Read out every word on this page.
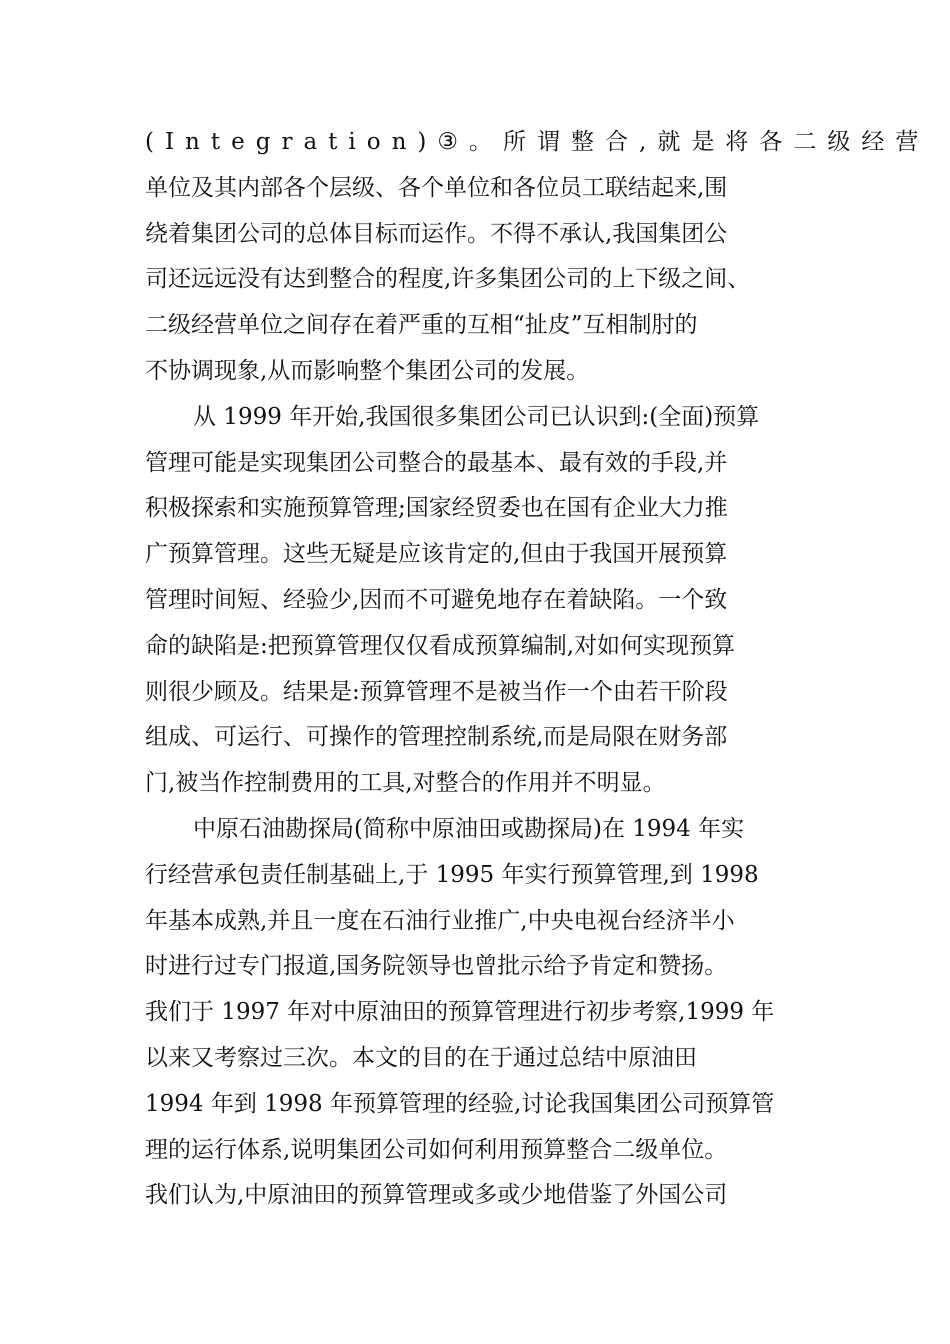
(Integration)③。所谓整合,就是将各二级经营
单位及其内部各个层级、各个单位和各位员工联结起来,围
绕着集团公司的总体目标而运作。不得不承认,我国集团公
司还远远没有达到整合的程度,许多集团公司的上下级之间、
二级经营单位之间存在着严重的互相“扯皮”互相制肘的
不协调现象,从而影响整个集团公司的发展。
从 1999 年开始,我国很多集团公司已认识到:(全面)预算
管理可能是实现集团公司整合的最基本、最有效的手段,并
积极探索和实施预算管理;国家经贸委也在国有企业大力推
广预算管理。这些无疑是应该肯定的,但由于我国开展预算
管理时间短、经验少,因而不可避免地存在着缺陷。一个致
命的缺陷是:把预算管理仅仅看成预算编制,对如何实现预算
则很少顾及。结果是:预算管理不是被当作一个由若干阶段
组成、可运行、可操作的管理控制系统,而是局限在财务部
门,被当作控制费用的工具,对整合的作用并不明显。
中原石油勘探局(简称中原油田或勘探局)在 1994 年实
行经营承包责任制基础上,于 1995 年实行预算管理,到 1998
年基本成熟,并且一度在石油行业推广,中央电视台经济半小
时进行过专门报道,国务院领导也曾批示给予肯定和赞扬。
我们于 1997 年对中原油田的预算管理进行初步考察,1999 年
以来又考察过三次。本文的目的在于通过总结中原油田
1994 年到 1998 年预算管理的经验,讨论我国集团公司预算管
理的运行体系,说明集团公司如何利用预算整合二级单位。
我们认为,中原油田的预算管理或多或少地借鉴了外国公司
